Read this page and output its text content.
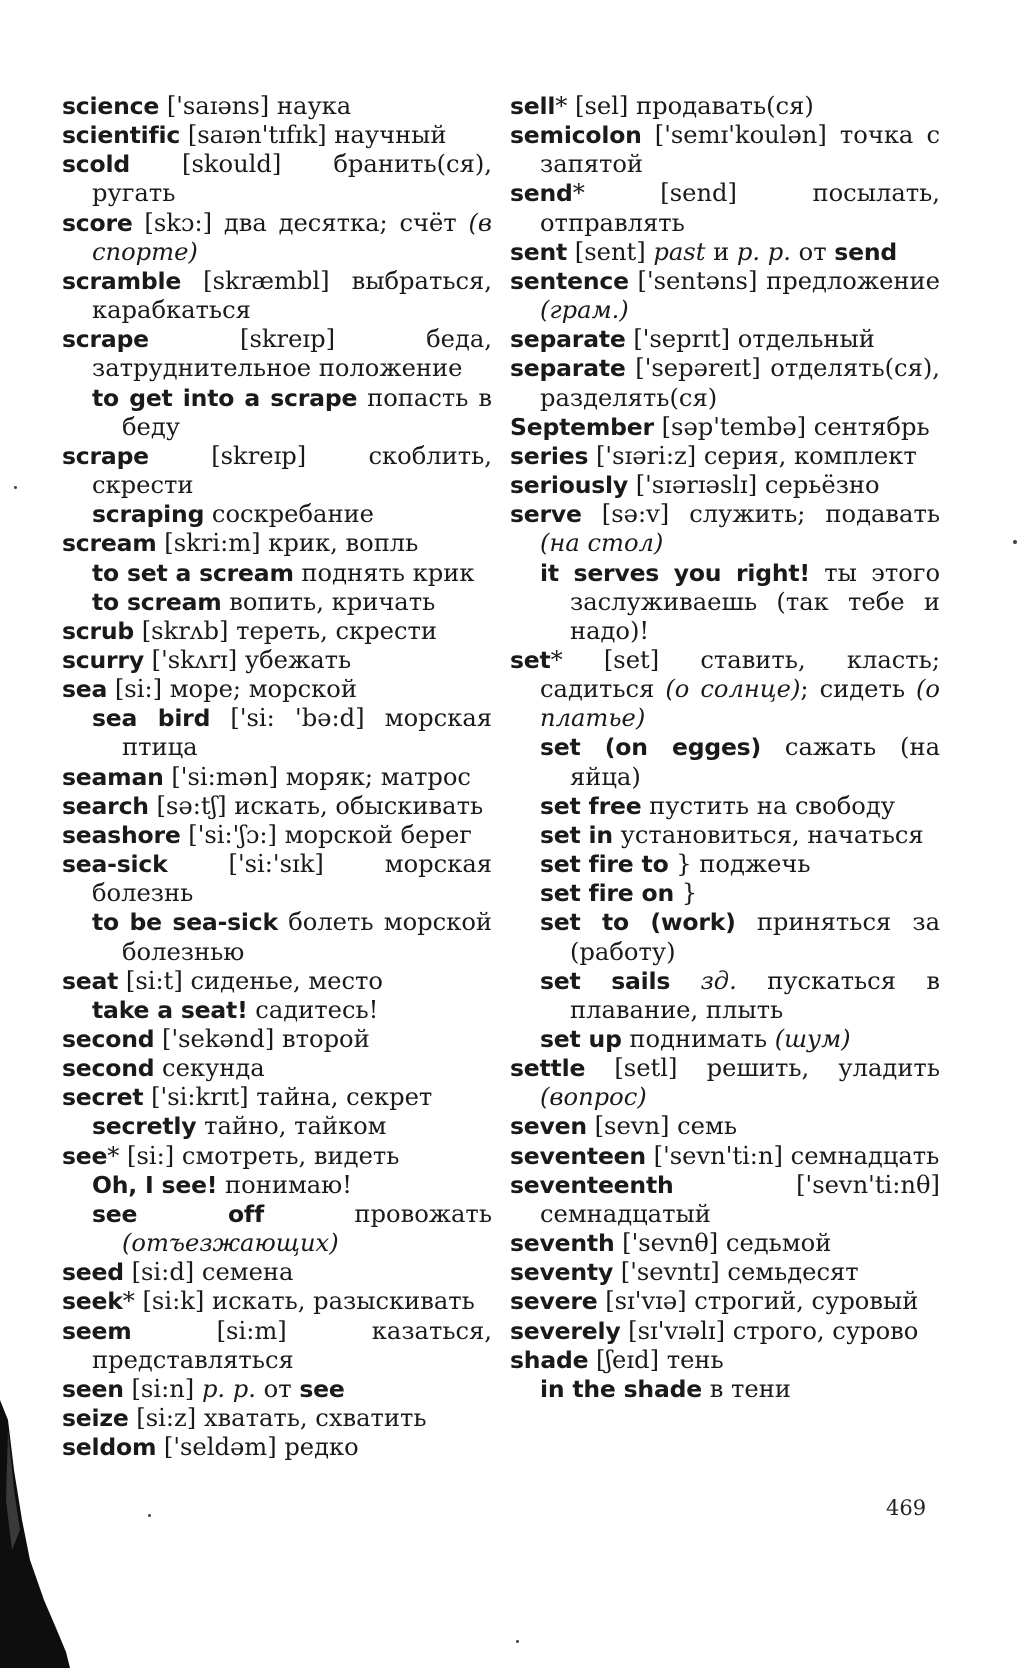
science ['saɪəns] наука

scientific [saɪən'tɪfɪk] научный

scold [skould] бранить(ся), ругать

score [skɔ:] два десятка; счёт (в спорте)

scramble [skræmbl] выбраться, карабкаться

scrape [skreɪp] беда, затруднительное положение

to get into a scrape попасть в беду

scrape [skreɪp] скоблить, скрести

scraping соскребание

scream [skri:m] крик, вопль

to set a scream поднять крик

to scream вопить, кричать

scrub [skrʌb] тереть, скрести

scurry ['skʌrɪ] убежать

sea [si:] море; морской

sea bird ['si: 'bə:d] морская птица

seaman ['si:mən] моряк; матрос

search [sə:tʃ] искать, обыскивать

seashore ['si:'ʃɔ:] морской берег

sea-sick ['si:'sɪk] морская болезнь

to be sea-sick болеть морской болезнью

seat [si:t] сиденье, место

take a seat! садитесь!

second ['sekənd] второй

second секунда

secret ['si:krɪt] тайна, секрет

secretly тайно, тайком

see* [si:] смотреть, видеть

Oh, I see! понимаю!

see off провожать (отъезжающих)

seed [si:d] семена

seek* [si:k] искать, разыскивать

seem [si:m] казаться, представляться

seen [si:n] p. p. от see

seize [si:z] хватать, схватить

seldom ['seldəm] редко

sell* [sel] продавать(ся)

semicolon ['semɪ'koulən] точка с запятой

send* [send] посылать, отправлять

sent [sent] past и p. p. от send

sentence ['sentəns] предложение (грам.)

separate ['seprɪt] отдельный

separate ['sepəreɪt] отделять(ся), разделять(ся)

September [səp'tembə] сентябрь

series ['sɪəri:z] серия, комплект

seriously ['sɪərɪəslɪ] серьёзно

serve [sə:v] служить; подавать (на стол)

it serves you right! ты этого заслуживаешь (так тебе и надо)!

set* [set] ставить, класть; садиться (о солнце); сидеть (о платье)

set (on egges) сажать (на яйца)

set free пустить на свободу

set in установиться, начаться

set fire to } поджечь

set fire on }

set to (work) приняться за (работу)

set sails зд. пускаться в плавание, плыть

set up поднимать (шум)

settle [setl] решить, уладить (вопрос)

seven [sevn] семь

seventeen ['sevn'ti:n] семнадцать

seventeenth ['sevn'ti:nθ] семнадцатый

seventh ['sevnθ] седьмой

seventy ['sevntɪ] семьдесят

severe [sɪ'vɪə] строгий, суровый

severely [sɪ'vɪəlɪ] строго, сурово

shade [ʃeɪd] тень

in the shade в тени

469
